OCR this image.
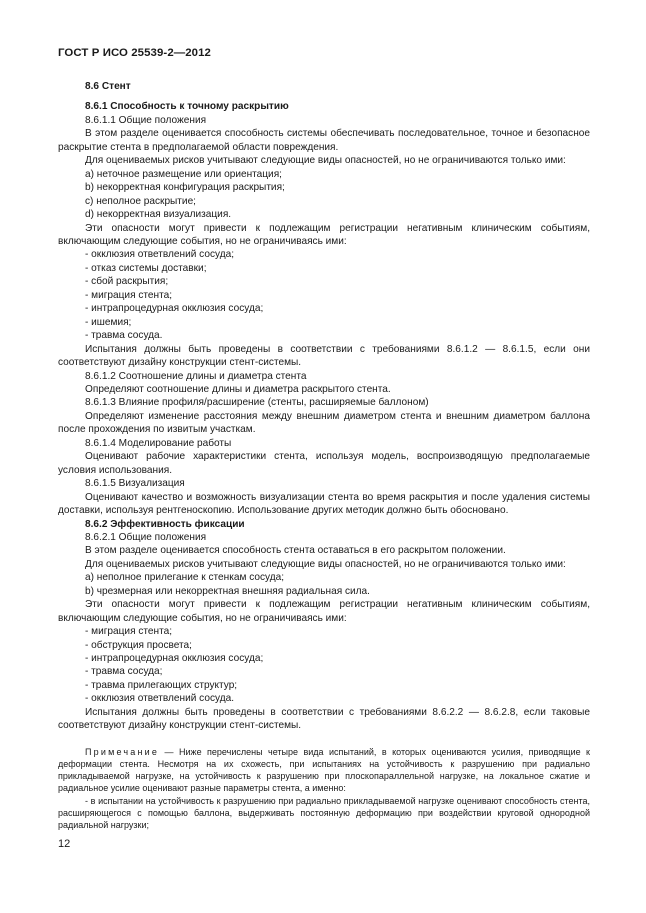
ГОСТ Р ИСО 25539-2—2012

8.6 Стент

8.6.1 Способность к точному раскрытию

8.6.1.1 Общие положения

В этом разделе оценивается способность системы обеспечивать последовательное, точное и безопасное раскрытие стента в предполагаемой области повреждения.

Для оцениваемых рисков учитывают следующие виды опасностей, но не ограничиваются только ими:

a) неточное размещение или ориентация;

b) некорректная конфигурация раскрытия;

c) неполное раскрытие;

d) некорректная визуализация.

Эти опасности могут привести к подлежащим регистрации негативным клиническим событиям, включающим следующие события, но не ограничиваясь ими:

- окклюзия ответвлений сосуда;

- отказ системы доставки;

- сбой раскрытия;

- миграция стента;

- интрапроцедурная окклюзия сосуда;

- ишемия;

- травма сосуда.

Испытания должны быть проведены в соответствии с требованиями 8.6.1.2 — 8.6.1.5, если они соответствуют дизайну конструкции стент-системы.

8.6.1.2 Соотношение длины и диаметра стента

Определяют соотношение длины и диаметра раскрытого стента.

8.6.1.3 Влияние профиля/расширение (стенты, расширяемые баллоном)

Определяют изменение расстояния между внешним диаметром стента и внешним диаметром баллона после прохождения по извитым участкам.

8.6.1.4 Моделирование работы

Оценивают рабочие характеристики стента, используя модель, воспроизводящую предполагаемые условия использования.

8.6.1.5 Визуализация

Оценивают качество и возможность визуализации стента во время раскрытия и после удаления системы доставки, используя рентгеноскопию. Использование других методик должно быть обосновано.

8.6.2 Эффективность фиксации

8.6.2.1 Общие положения

В этом разделе оценивается способность стента оставаться в его раскрытом положении.

Для оцениваемых рисков учитывают следующие виды опасностей, но не ограничиваются только ими:

a) неполное прилегание к стенкам сосуда;

b) чрезмерная или некорректная внешняя радиальная сила.

Эти опасности могут привести к подлежащим регистрации негативным клиническим событиям, включающим следующие события, но не ограничиваясь ими:

- миграция стента;

- обструкция просвета;

- интрапроцедурная окклюзия сосуда;

- травма сосуда;

- травма прилегающих структур;

- окклюзия ответвлений сосуда.

Испытания должны быть проведены в соответствии с требованиями 8.6.2.2 — 8.6.2.8, если таковые соответствуют дизайну конструкции стент-системы.

Примечание — Ниже перечислены четыре вида испытаний, в которых оцениваются усилия, приводящие к деформации стента. Несмотря на их схожесть, при испытаниях на устойчивость к разрушению при радиально прикладываемой нагрузке, на устойчивость к разрушению при плоскопараллельной нагрузке, на локальное сжатие и радиальное усилие оценивают разные параметры стента, а именно:

- в испытании на устойчивость к разрушению при радиально прикладываемой нагрузке оценивают способность стента, расширяющегося с помощью баллона, выдерживать постоянную деформацию при воздействии круговой однородной радиальной нагрузки;

12
